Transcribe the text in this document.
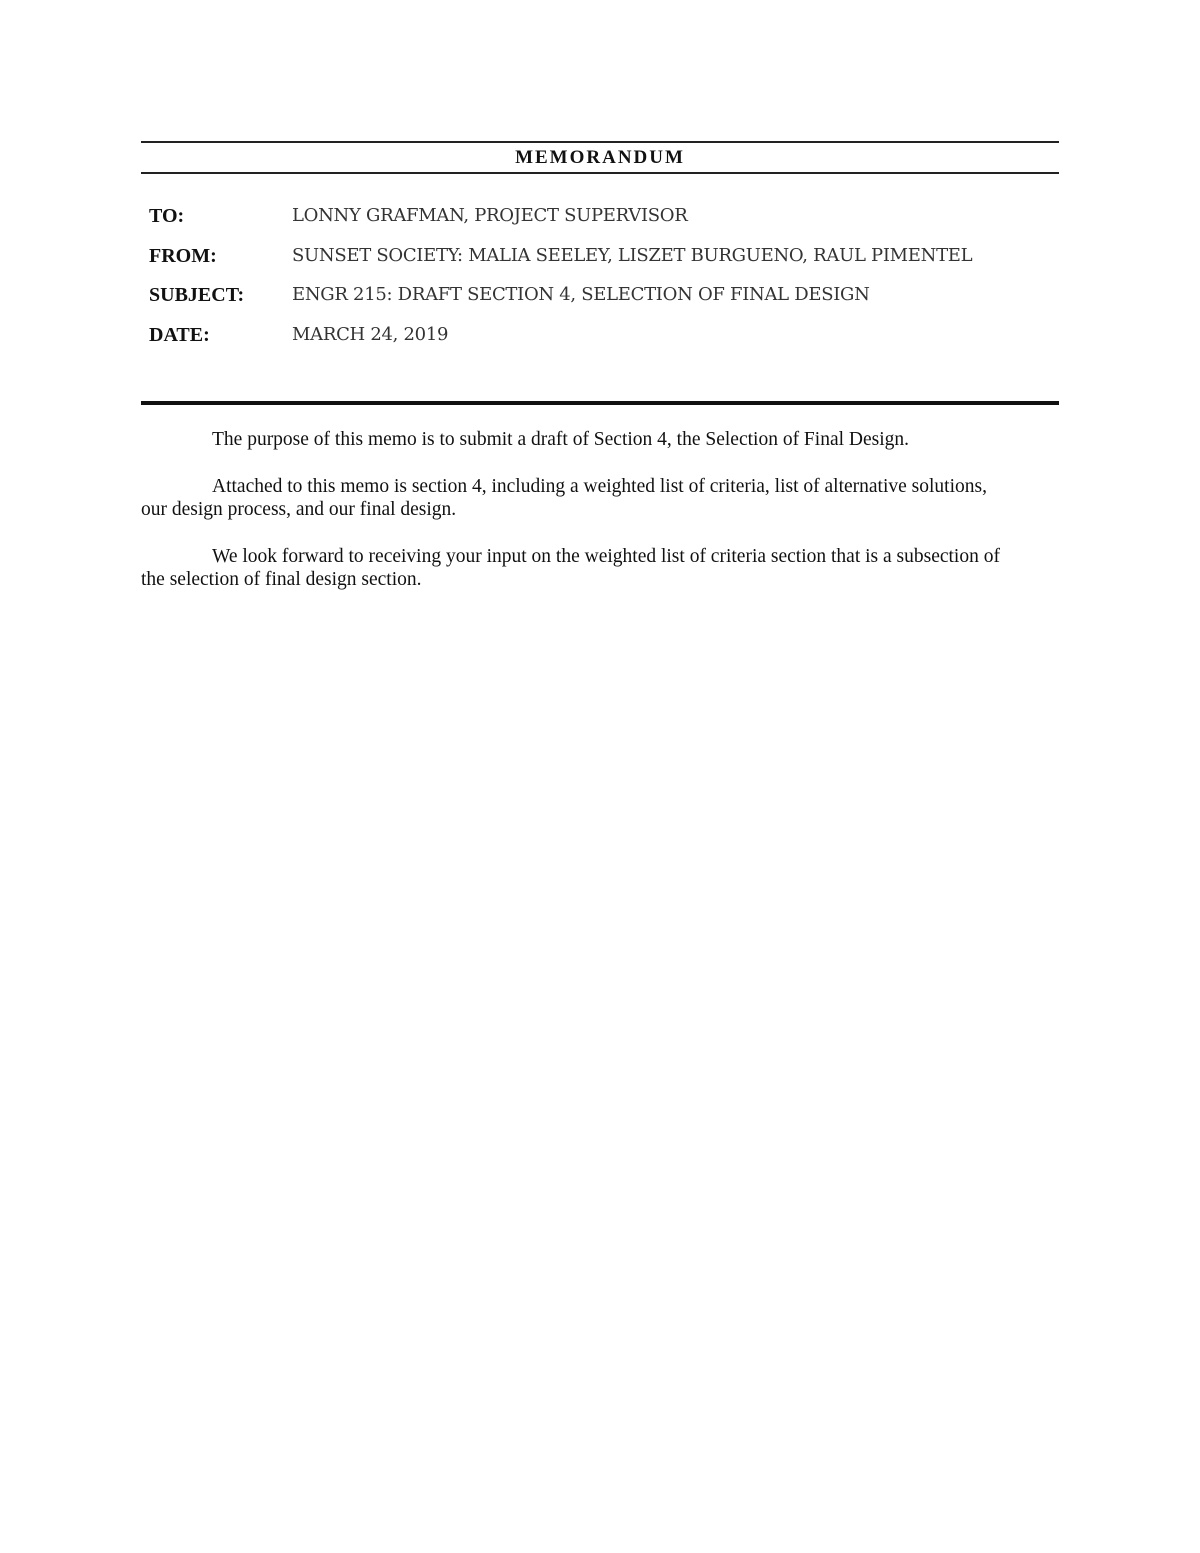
MEMORANDUM
TO:	LONNY GRAFMAN, PROJECT SUPERVISOR
FROM:	SUNSET SOCIETY: MALIA SEELEY, LISZET BURGUENO, RAUL PIMENTEL
SUBJECT:	ENGR 215: DRAFT SECTION 4, SELECTION OF FINAL DESIGN
DATE:	MARCH 24, 2019

The purpose of this memo is to submit a draft of Section 4, the Selection of Final Design.

Attached to this memo is section 4, including a weighted list of criteria, list of alternative solutions, our design process, and our final design.

We look forward to receiving your input on the weighted list of criteria section that is a subsection of the selection of final design section.
